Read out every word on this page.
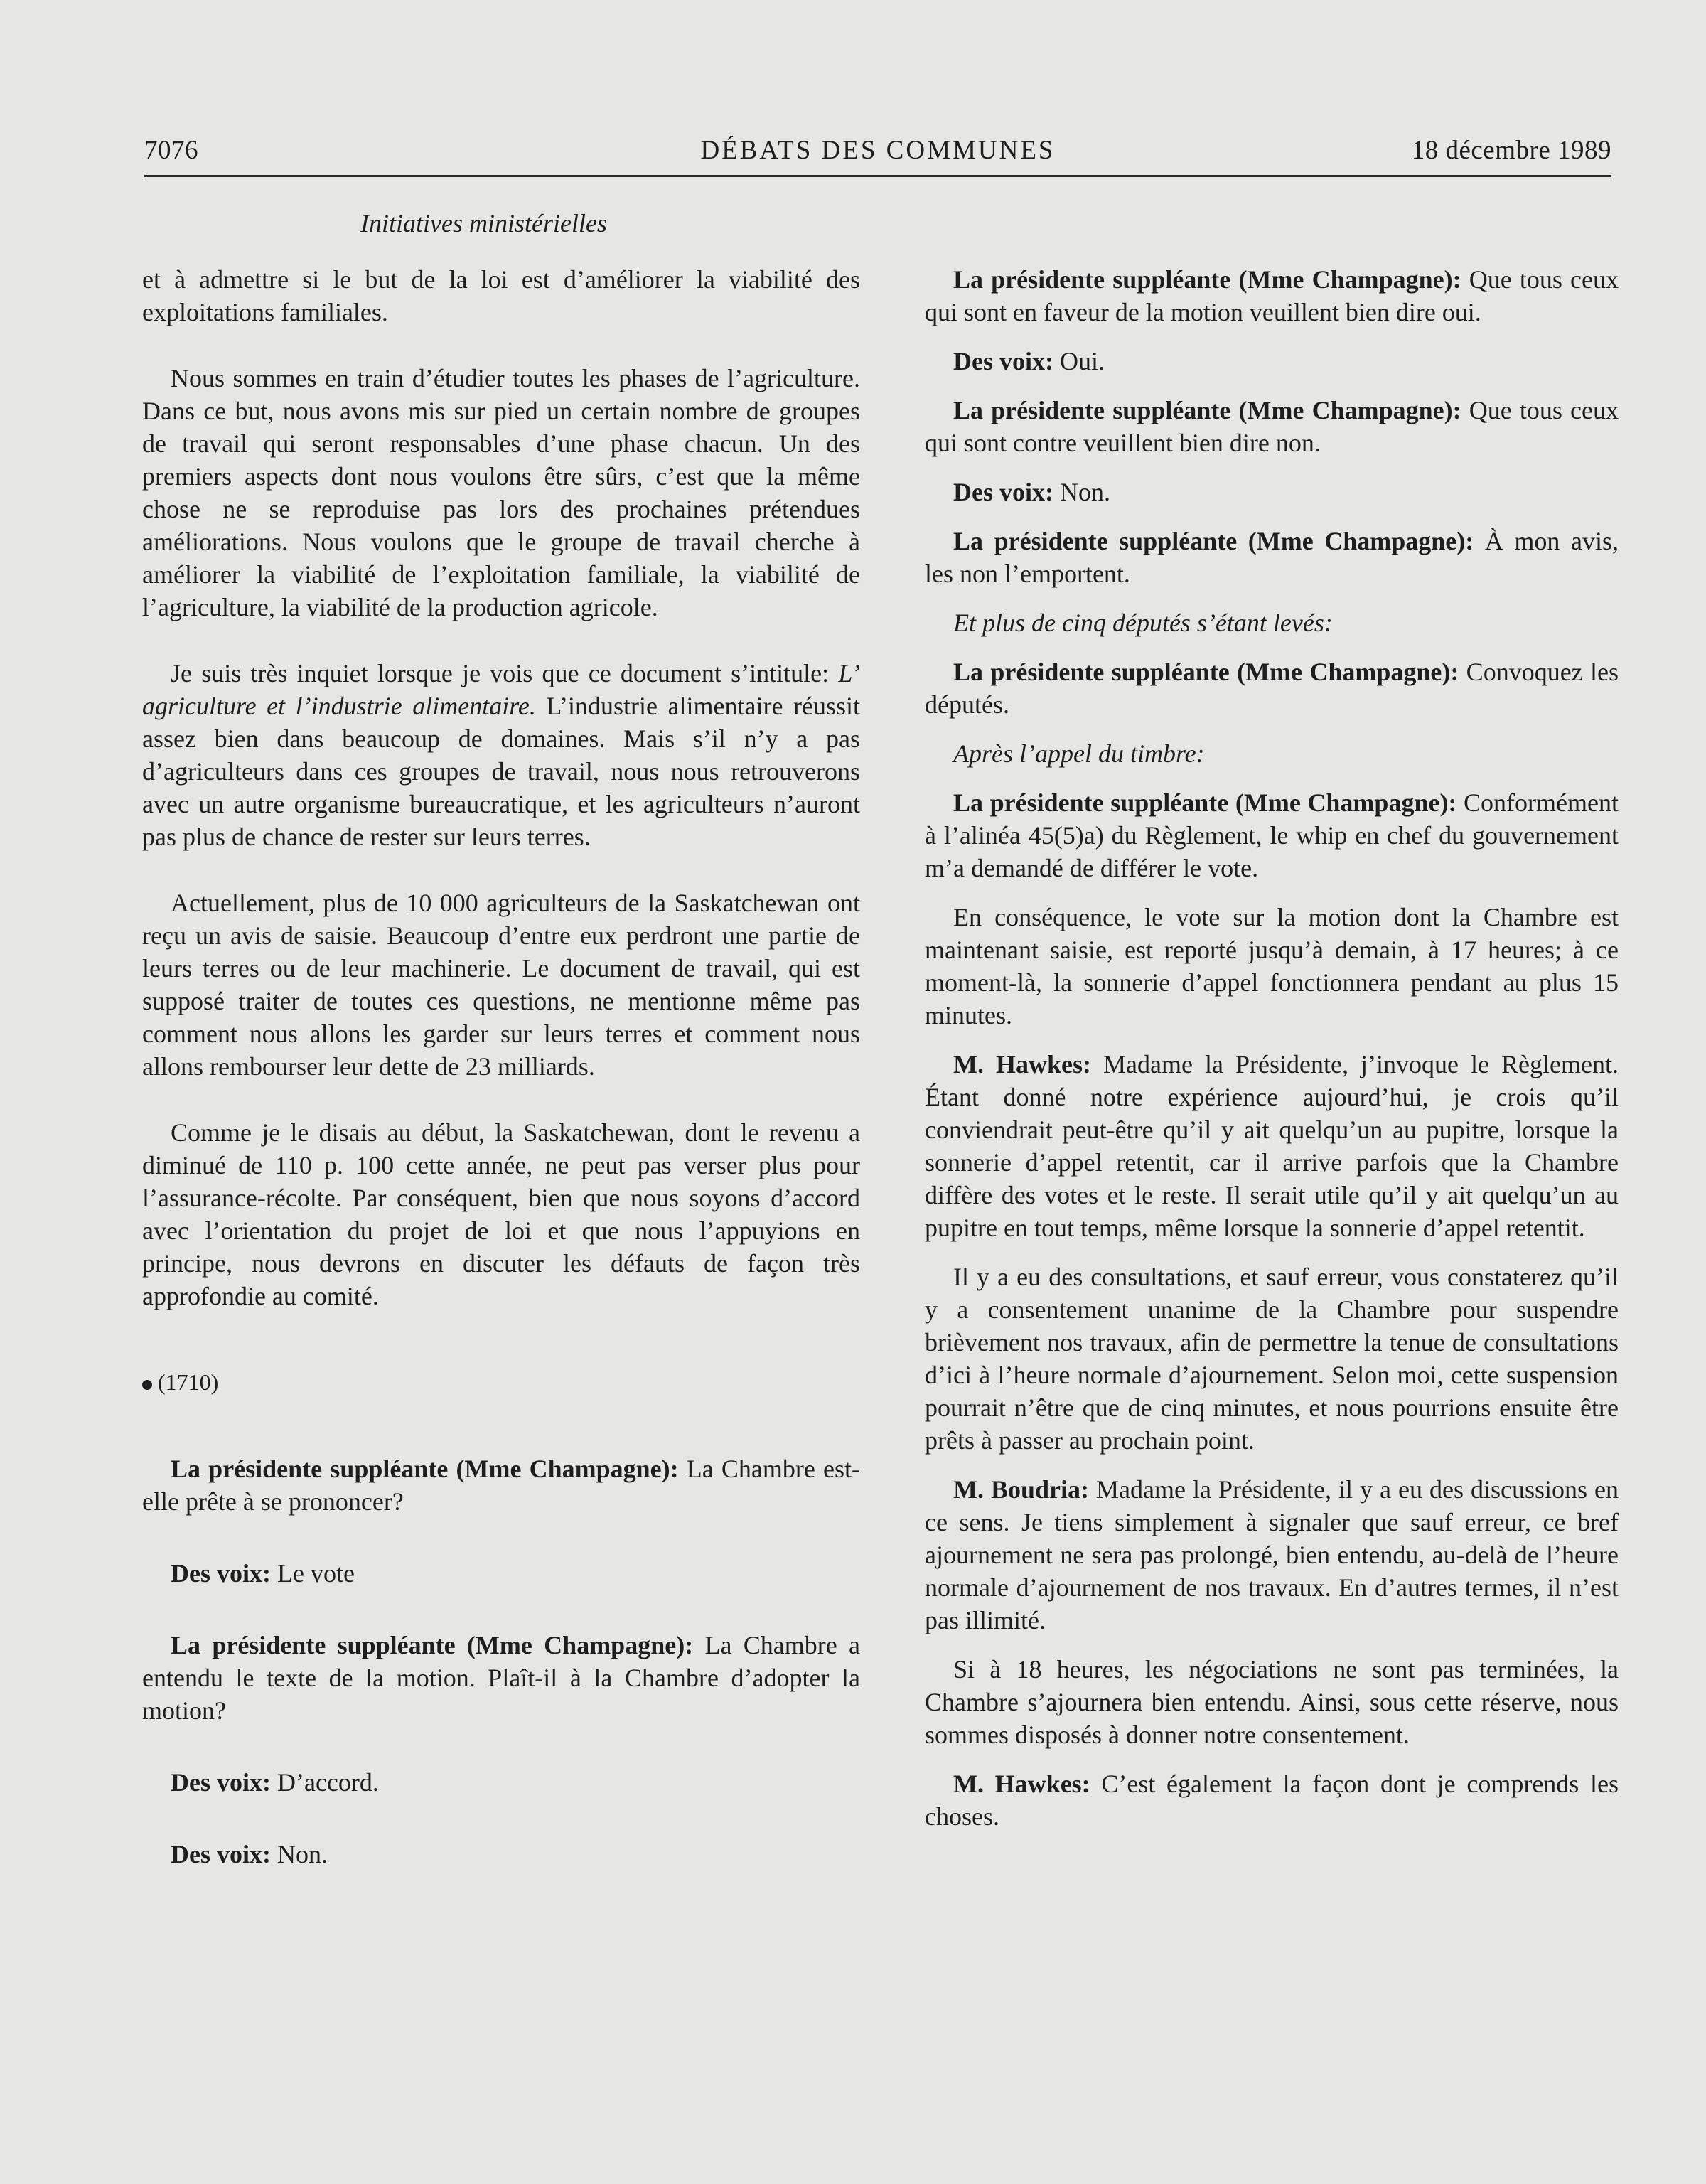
7076	DÉBATS DES COMMUNES	18 décembre 1989
Initiatives ministérielles

et à admettre si le but de la loi est d’améliorer la viabilité des exploitations familiales.

Nous sommes en train d’étudier toutes les phases de l’agriculture. Dans ce but, nous avons mis sur pied un certain nombre de groupes de travail qui seront responsables d’une phase chacun. Un des premiers aspects dont nous voulons être sûrs, c’est que la même chose ne se reproduise pas lors des prochaines prétendues améliorations. Nous voulons que le groupe de travail cherche à améliorer la viabilité de l’exploitation familiale, la viabilité de l’agriculture, la viabilité de la production agricole.

Je suis très inquiet lorsque je vois que ce document s’intitule: L’ agriculture et l’industrie alimentaire. L’industrie alimentaire réussit assez bien dans beaucoup de domaines. Mais s’il n’y a pas d’agriculteurs dans ces groupes de travail, nous nous retrouverons avec un autre organisme bureaucratique, et les agriculteurs n’auront pas plus de chance de rester sur leurs terres.

Actuellement, plus de 10 000 agriculteurs de la Saskatchewan ont reçu un avis de saisie. Beaucoup d’entre eux perdront une partie de leurs terres ou de leur machinerie. Le document de travail, qui est supposé traiter de toutes ces questions, ne mentionne même pas comment nous allons les garder sur leurs terres et comment nous allons rembourser leur dette de 23 milliards.

Comme je le disais au début, la Saskatchewan, dont le revenu a diminué de 110 p. 100 cette année, ne peut pas verser plus pour l’assurance-récolte. Par conséquent, bien que nous soyons d’accord avec l’orientation du projet de loi et que nous l’appuyions en principe, nous devrons en discuter les défauts de façon très approfondie au comité.

(1710)

La présidente suppléante (Mme Champagne): La Chambre est-elle prête à se prononcer?

Des voix: Le vote

La présidente suppléante (Mme Champagne): La Chambre a entendu le texte de la motion. Plaît-il à la Chambre d’adopter la motion?

Des voix: D’accord.

Des voix: Non.

La présidente suppléante (Mme Champagne): Que tous ceux qui sont en faveur de la motion veuillent bien dire oui.

Des voix: Oui.

La présidente suppléante (Mme Champagne): Que tous ceux qui sont contre veuillent bien dire non.

Des voix: Non.

La présidente suppléante (Mme Champagne): À mon avis, les non l’emportent.

Et plus de cinq députés s’étant levés:

La présidente suppléante (Mme Champagne): Convoquez les députés.

Après l’appel du timbre:

La présidente suppléante (Mme Champagne): Conformément à l’alinéa 45(5)a) du Règlement, le whip en chef du gouvernement m’a demandé de différer le vote.

En conséquence, le vote sur la motion dont la Chambre est maintenant saisie, est reporté jusqu’à demain, à 17 heures; à ce moment-là, la sonnerie d’appel fonctionnera pendant au plus 15 minutes.

M. Hawkes: Madame la Présidente, j’invoque le Règlement. Étant donné notre expérience aujourd’hui, je crois qu’il conviendrait peut-être qu’il y ait quelqu’un au pupitre, lorsque la sonnerie d’appel retentit, car il arrive parfois que la Chambre diffère des votes et le reste. Il serait utile qu’il y ait quelqu’un au pupitre en tout temps, même lorsque la sonnerie d’appel retentit.

Il y a eu des consultations, et sauf erreur, vous constaterez qu’il y a consentement unanime de la Chambre pour suspendre brièvement nos travaux, afin de permettre la tenue de consultations d’ici à l’heure normale d’ajournement. Selon moi, cette suspension pourrait n’être que de cinq minutes, et nous pourrions ensuite être prêts à passer au prochain point.

M. Boudria: Madame la Présidente, il y a eu des discussions en ce sens. Je tiens simplement à signaler que sauf erreur, ce bref ajournement ne sera pas prolongé, bien entendu, au-delà de l’heure normale d’ajournement de nos travaux. En d’autres termes, il n’est pas illimité.

Si à 18 heures, les négociations ne sont pas terminées, la Chambre s’ajournera bien entendu. Ainsi, sous cette réserve, nous sommes disposés à donner notre consentement.

M. Hawkes: C’est également la façon dont je comprends les choses.
